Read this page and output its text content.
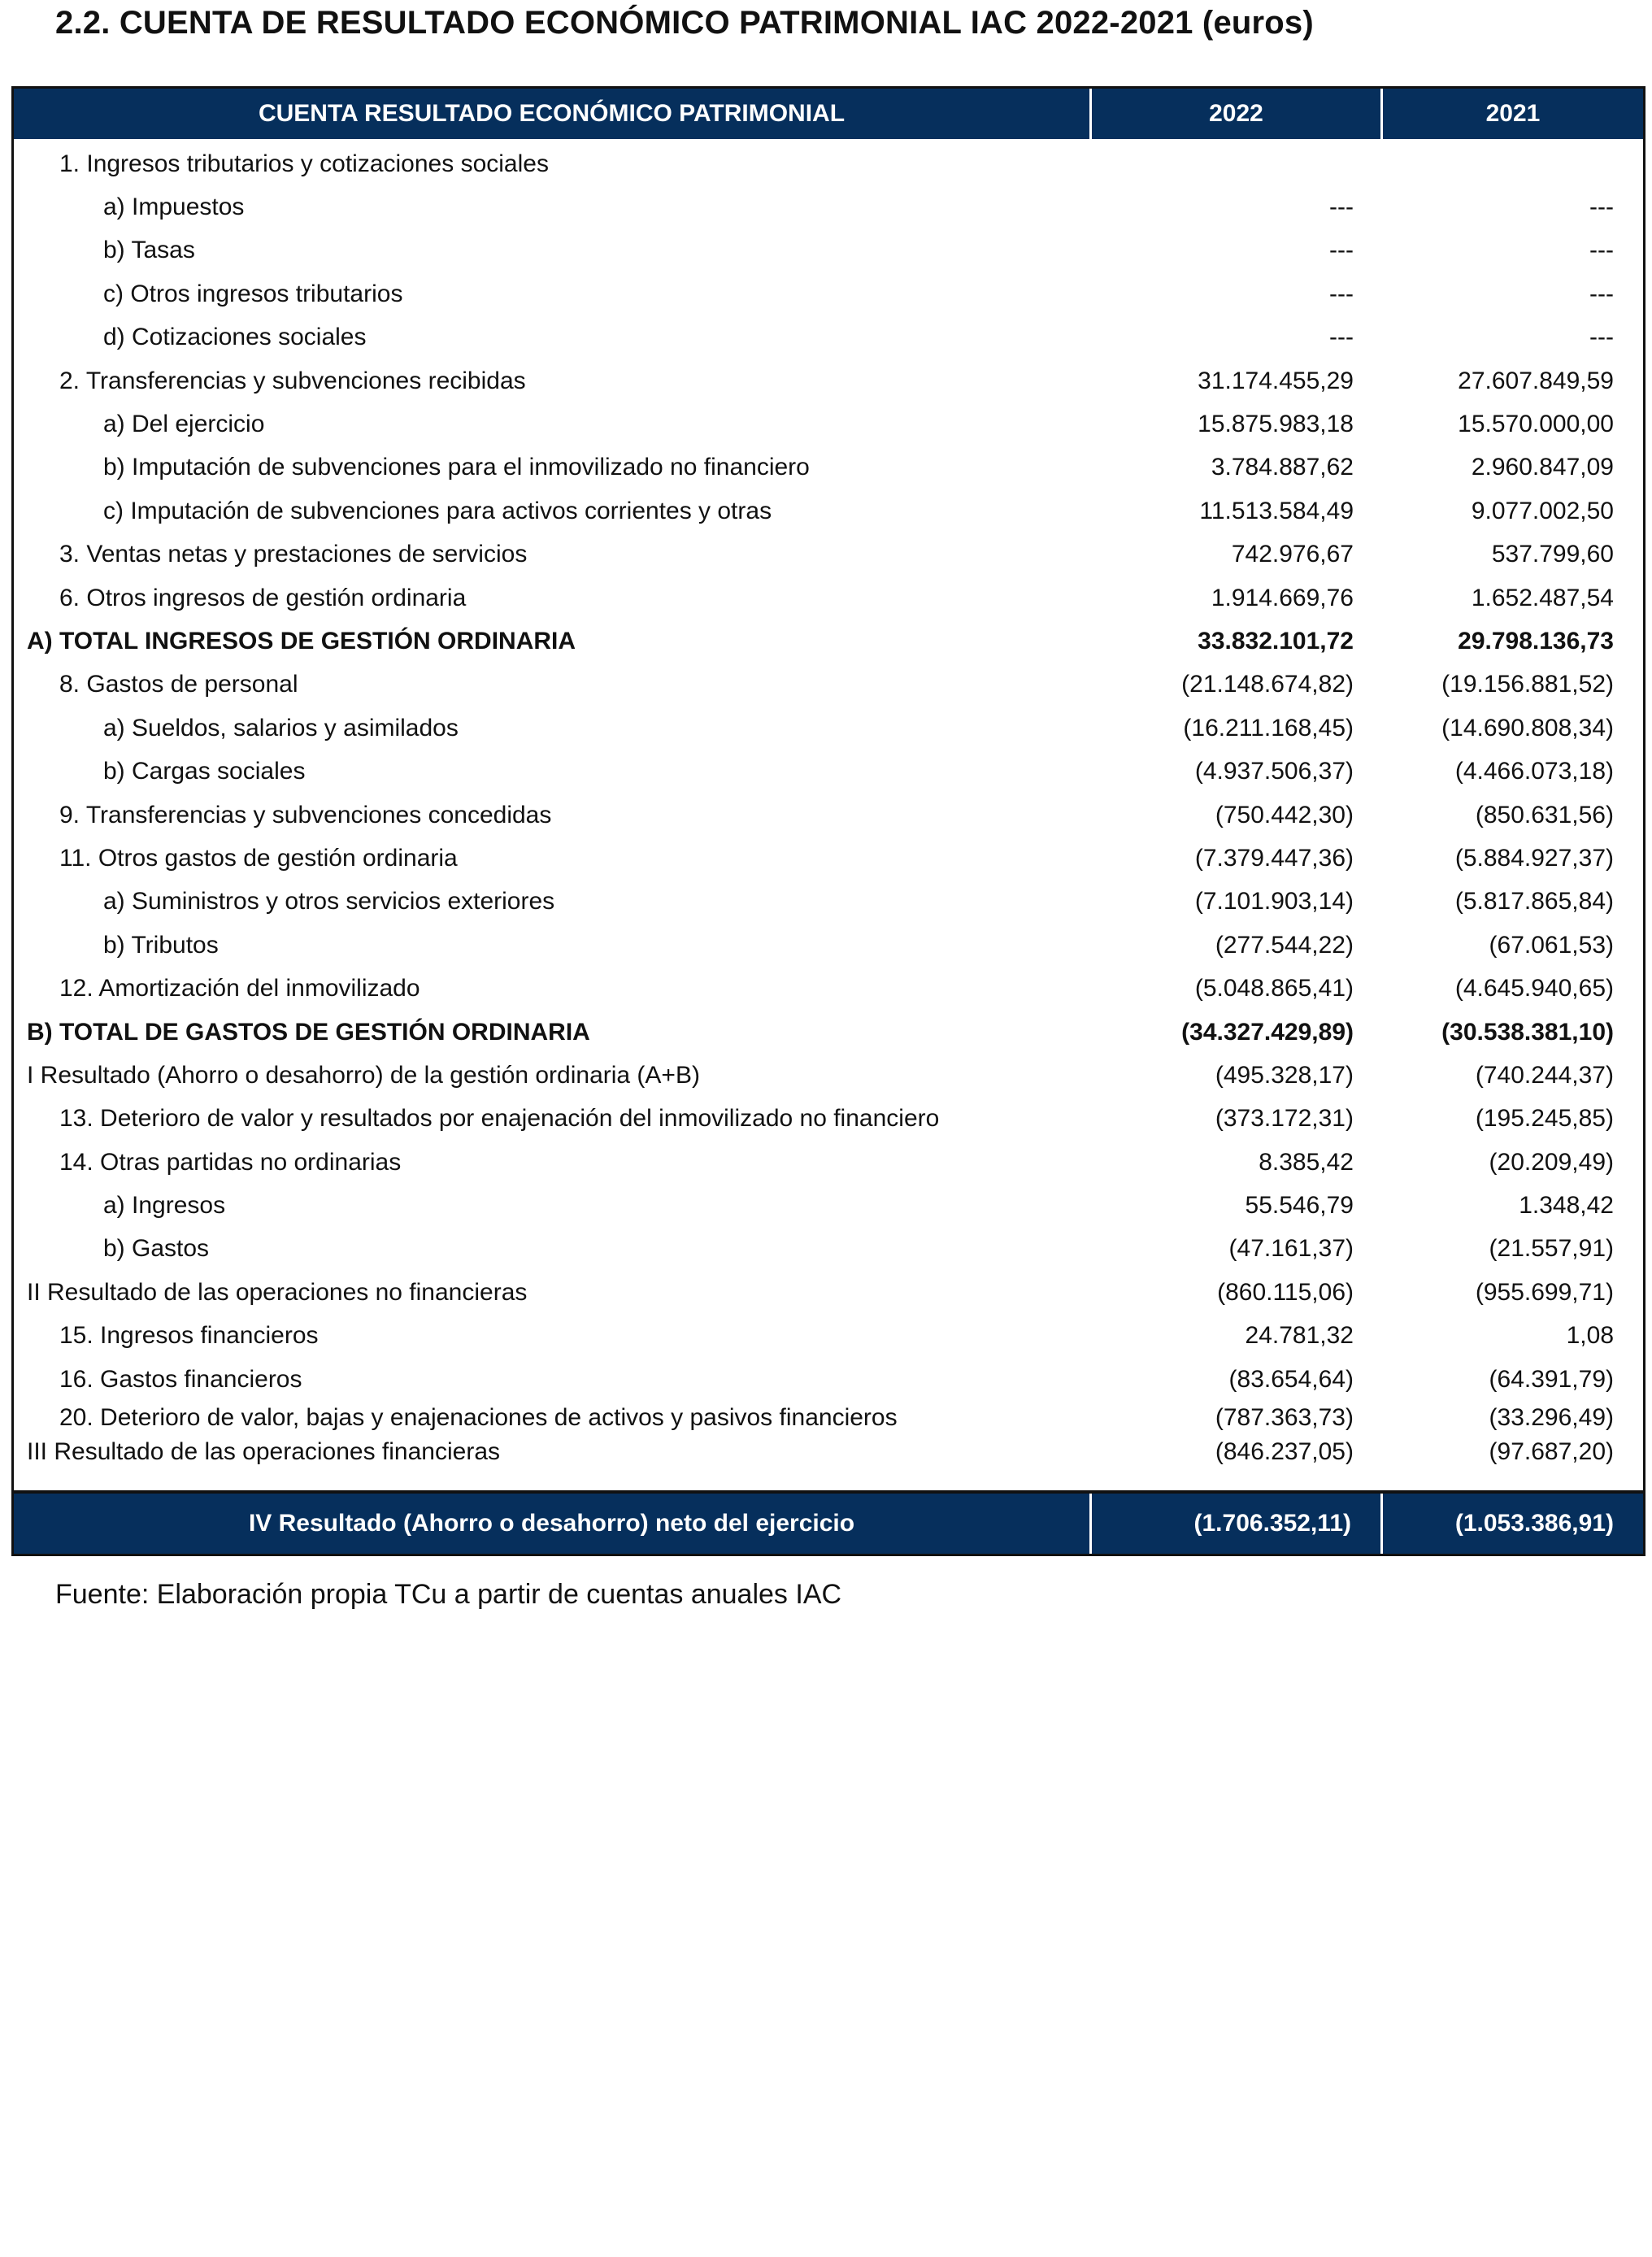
2.2. CUENTA DE RESULTADO ECONÓMICO PATRIMONIAL IAC 2022-2021 (euros)
CUENTA RESULTADO ECONÓMICO PATRIMONIAL	2022	2021
1. Ingresos tributarios y cotizaciones sociales
a) Impuestos	---	---
b) Tasas	---	---
c) Otros ingresos tributarios	---	---
d) Cotizaciones sociales	---	---
2. Transferencias y subvenciones recibidas	31.174.455,29	27.607.849,59
a) Del ejercicio	15.875.983,18	15.570.000,00
b) Imputación de subvenciones para el inmovilizado no financiero	3.784.887,62	2.960.847,09
c) Imputación de subvenciones para activos corrientes y otras	11.513.584,49	9.077.002,50
3. Ventas netas y prestaciones de servicios	742.976,67	537.799,60
6. Otros ingresos de gestión ordinaria	1.914.669,76	1.652.487,54
A) TOTAL INGRESOS DE GESTIÓN ORDINARIA	33.832.101,72	29.798.136,73
8. Gastos de personal	(21.148.674,82)	(19.156.881,52)
a) Sueldos, salarios y asimilados	(16.211.168,45)	(14.690.808,34)
b) Cargas sociales	(4.937.506,37)	(4.466.073,18)
9. Transferencias y subvenciones concedidas	(750.442,30)	(850.631,56)
11. Otros gastos de gestión ordinaria	(7.379.447,36)	(5.884.927,37)
a) Suministros y otros servicios exteriores	(7.101.903,14)	(5.817.865,84)
b) Tributos	(277.544,22)	(67.061,53)
12. Amortización del inmovilizado	(5.048.865,41)	(4.645.940,65)
B) TOTAL DE GASTOS DE GESTIÓN ORDINARIA	(34.327.429,89)	(30.538.381,10)
I Resultado (Ahorro o desahorro) de la gestión ordinaria (A+B)	(495.328,17)	(740.244,37)
13. Deterioro de valor y resultados por enajenación del inmovilizado no financiero	(373.172,31)	(195.245,85)
14. Otras partidas no ordinarias	8.385,42	(20.209,49)
a) Ingresos	55.546,79	1.348,42
b) Gastos	(47.161,37)	(21.557,91)
II Resultado de las operaciones no financieras	(860.115,06)	(955.699,71)
15. Ingresos financieros	24.781,32	1,08
16. Gastos financieros	(83.654,64)	(64.391,79)
20. Deterioro de valor, bajas y enajenaciones de activos y pasivos financieros	(787.363,73)	(33.296,49)
III Resultado de las operaciones financieras	(846.237,05)	(97.687,20)
IV Resultado (Ahorro o desahorro) neto del ejercicio	(1.706.352,11)	(1.053.386,91)
Fuente: Elaboración propia TCu a partir de cuentas anuales IAC
